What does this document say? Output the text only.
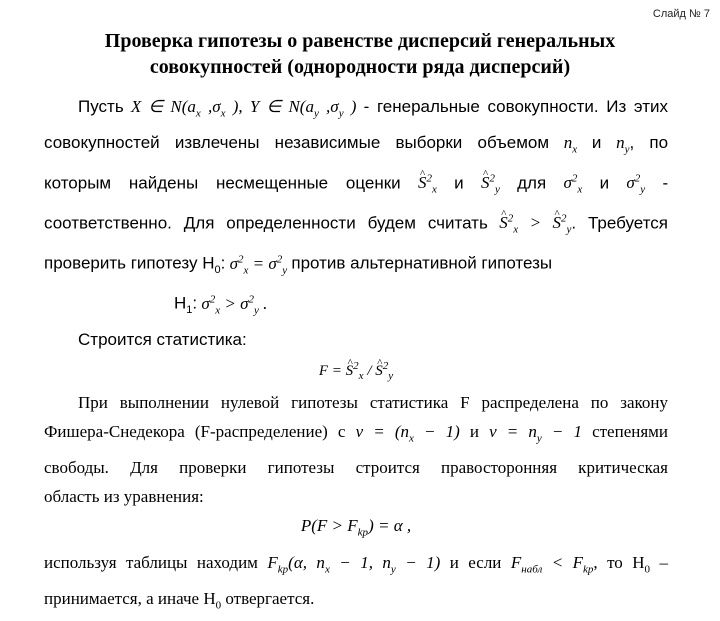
Слайд № 7
Проверка гипотезы о равенстве дисперсий генеральных
совокупностей (однородности ряда дисперсий)

Пусть X ∈ $N(a_x$ $,\sigma_x$ ), Y ∈ $N(a_y$ $,\sigma_y$ ) - генеральные совокупности. Из этих

совокупностей извлечены независимые выборки объемом $n_x$ и $n_y$, по

которым найдены несмещенные оценки ^ $S^2_x$ и ^ $S^2_y$ для $\sigma^2_x$ и $\sigma^2_y$ -

соответственно. Для определенности будем считать ^ $S^2_x$ > ^ $S^2_y$. Требуется

проверить гипотезу $H_0$: $\sigma^2_x = \sigma^2_y$ против альтернативной гипотезы

$H_1$: $\sigma^2_x > \sigma^2_y$ .

Строится статистика:

F = ^ $S^2_x$ / ^ $S^2_y$

При выполнении нулевой гипотезы статистика F распределена по закону

Фишера-Снедекора (F-распределение) с $\nu = (n_x - 1)$ и $\nu = n_y - 1$ степенями

свободы. Для проверки гипотезы строится правосторонняя критическая

область из уравнения:

$P(F > F_{kp}) = \alpha$ ,

используя таблицы находим $F_{kp}(\alpha$, $n_x - 1$, $n_y - 1$) и если $F_{набл} < F_{kp}$, то $H_0$ –

принимается, а иначе $H_0$ отвергается.
